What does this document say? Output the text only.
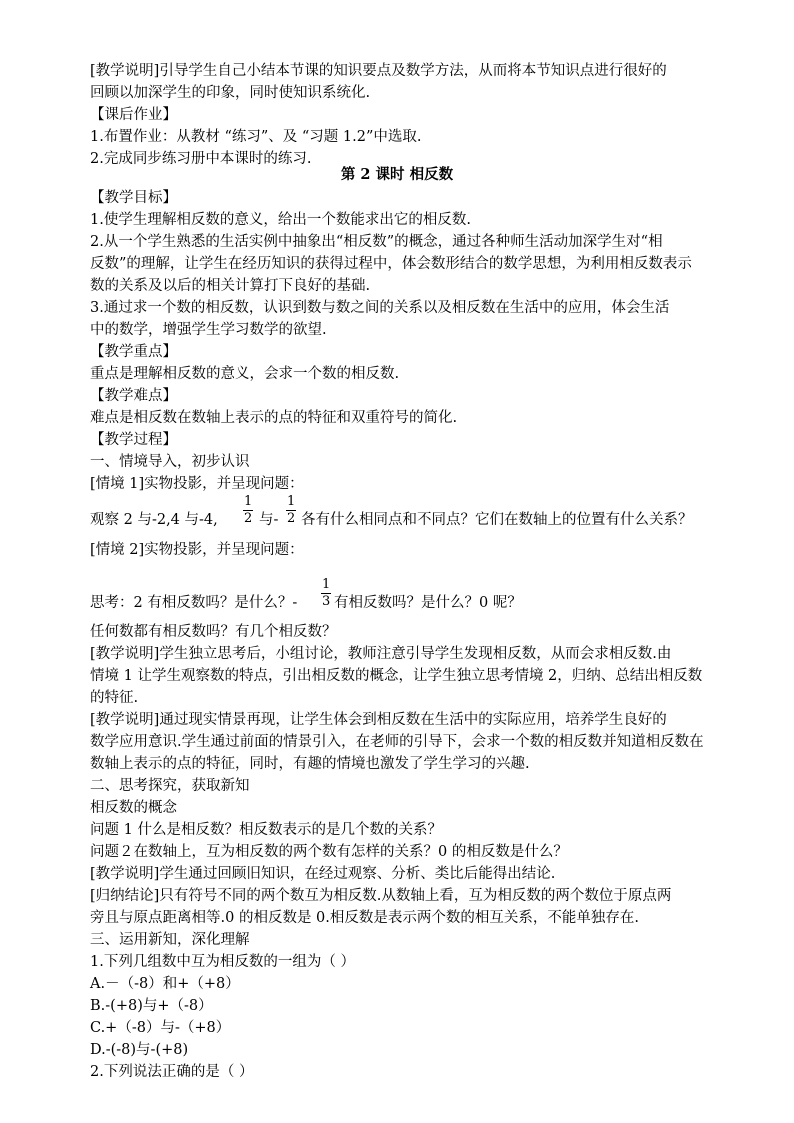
[教学说明]引导学生自己小结本节课的知识要点及数学方法，从而将本节知识点进行很好的
回顾以加深学生的印象，同时使知识系统化.
【课后作业】
1.布置作业：从教材 “练习”、及 “习题 1.2”中选取.
2.完成同步练习册中本课时的练习.
第 2 课时 相反数
【教学目标】
1.使学生理解相反数的意义，给出一个数能求出它的相反数.
2.从一个学生熟悉的生活实例中抽象出“相反数”的概念，通过各种师生活动加深学生对“相
反数”的理解，让学生在经历知识的获得过程中，体会数形结合的数学思想，为利用相反数表示
数的关系及以后的相关计算打下良好的基础.
3.通过求一个数的相反数，认识到数与数之间的关系以及相反数在生活中的应用，体会生活
中的数学，增强学生学习数学的欲望.
【教学重点】
重点是理解相反数的意义，会求一个数的相反数.
【教学难点】
难点是相反数在数轴上表示的点的特征和双重符号的简化.
【教学过程】
一、情境导入，初步认识
[情境 1]实物投影，并呈现问题：
观察 2 与-2,4 与-4, $\frac{1}{2}$ 与- $\frac{1}{2}$ 各有什么相同点和不同点？它们在数轴上的位置有什么关系？
[情境 2]实物投影，并呈现问题：
思考：2 有相反数吗？是什么？- $\frac{1}{3}$ 有相反数吗？是什么？0 呢？
任何数都有相反数吗？有几个相反数？
[教学说明]学生独立思考后，小组讨论，教师注意引导学生发现相反数，从而会求相反数.由
情境 1 让学生观察数的特点，引出相反数的概念，让学生独立思考情境 2，归纳、总结出相反数
的特征.
[教学说明]通过现实情景再现，让学生体会到相反数在生活中的实际应用，培养学生良好的
数学应用意识.学生通过前面的情景引入，在老师的引导下，会求一个数的相反数并知道相反数在
数轴上表示的点的特征，同时，有趣的情境也激发了学生学习的兴趣.
二、思考探究，获取新知
相反数的概念
问题 1 什么是相反数？相反数表示的是几个数的关系？
问题２在数轴上，互为相反数的两个数有怎样的关系？0 的相反数是什么？
[教学说明]学生通过回顾旧知识，在经过观察、分析、类比后能得出结论.
[归纳结论]只有符号不同的两个数互为相反数.从数轴上看，互为相反数的两个数位于原点两
旁且与原点距离相等.0 的相反数是 0.相反数是表示两个数的相互关系，不能单独存在.
三、运用新知，深化理解
1.下列几组数中互为相反数的一组为（ ）
A.－（-8）和+（+8）
B.-(+8)与+（-8）
C.+（-8）与-（+8）
D.-(-8)与-(+8)
2.下列说法正确的是（ ）
